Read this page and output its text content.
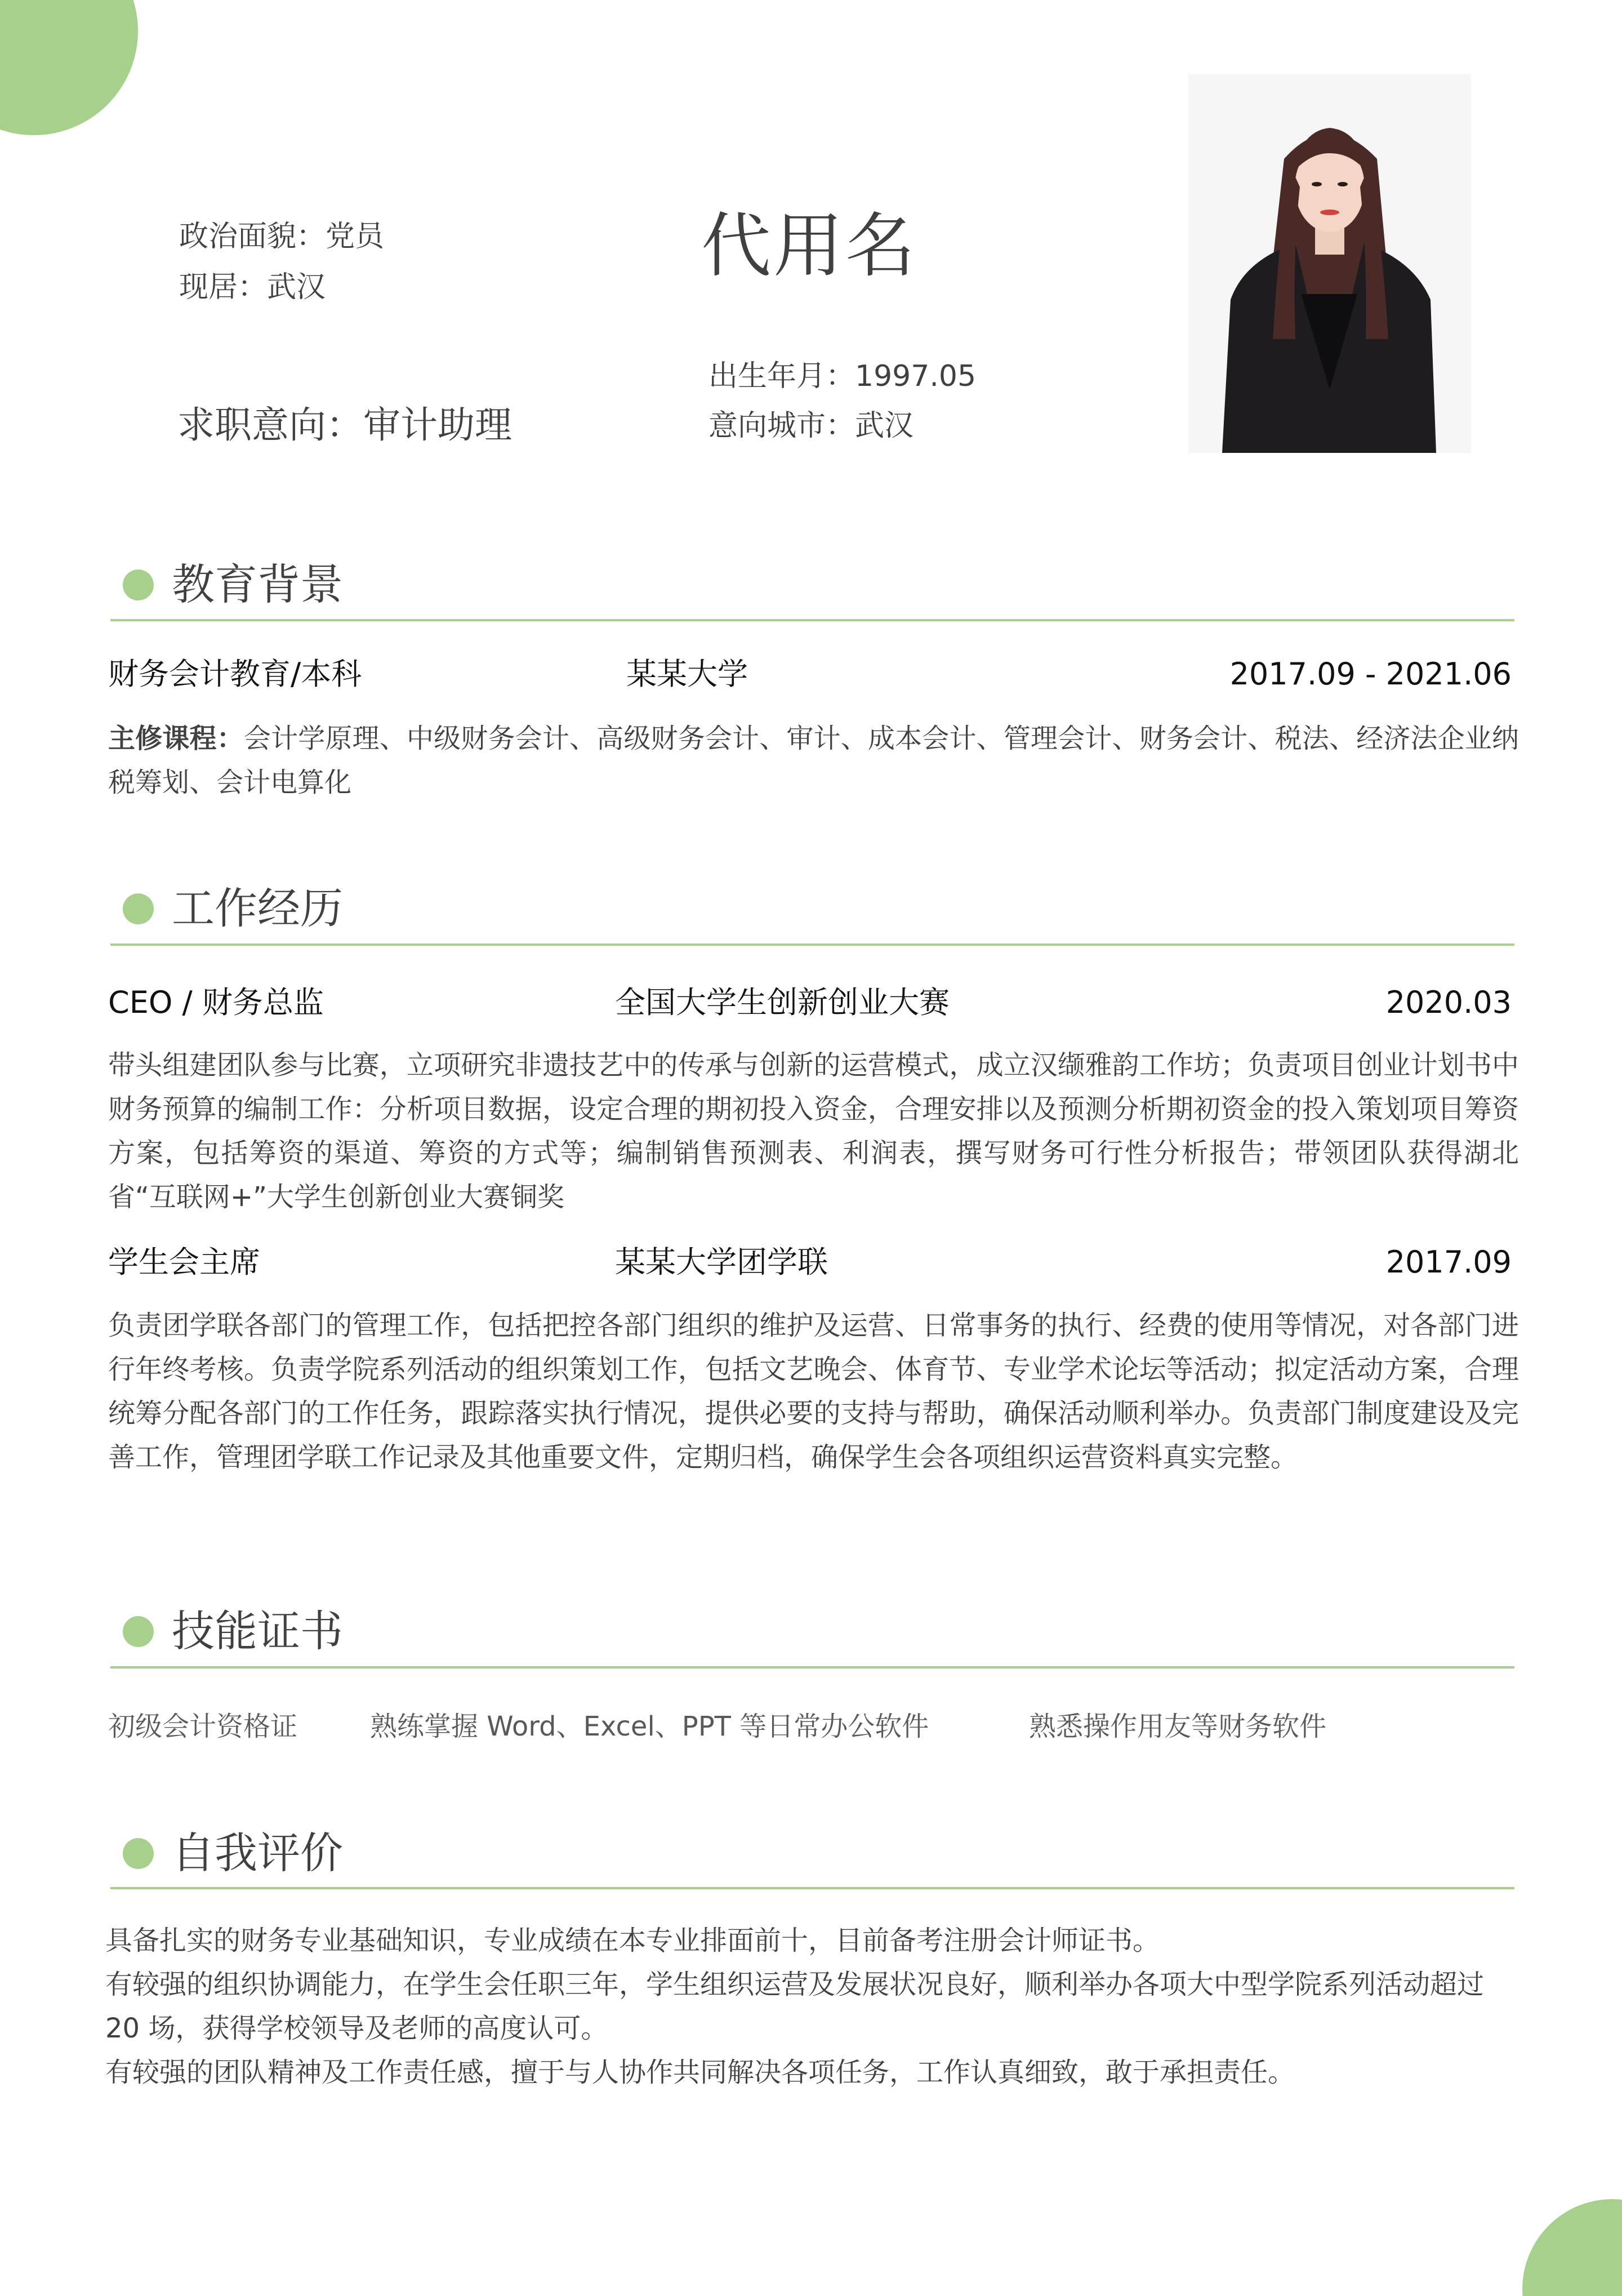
政治面貌：党员
现居：武汉
求职意向：审计助理
代用名
出生年月：1997.05
意向城市：武汉
教育背景
财务会计教育/本科	某某大学	2017.09 - 2021.06
主修课程：会计学原理、中级财务会计、高级财务会计、审计、成本会计、管理会计、财务会计、税法、经济法企业纳税筹划、会计电算化
工作经历
CEO / 财务总监	全国大学生创新创业大赛	2020.03
带头组建团队参与比赛，立项研究非遗技艺中的传承与创新的运营模式，成立汉缬雅韵工作坊；负责项目创业计划书中财务预算的编制工作：分析项目数据，设定合理的期初投入资金，合理安排以及预测分析期初资金的投入策划项目筹资方案，包括筹资的渠道、筹资的方式等；编制销售预测表、利润表，撰写财务可行性分析报告；带领团队获得湖北省“互联网+”大学生创新创业大赛铜奖
学生会主席	某某大学团学联	2017.09
负责团学联各部门的管理工作，包括把控各部门组织的维护及运营、日常事务的执行、经费的使用等情况，对各部门进行年终考核。负责学院系列活动的组织策划工作，包括文艺晚会、体育节、专业学术论坛等活动；拟定活动方案，合理统筹分配各部门的工作任务，跟踪落实执行情况，提供必要的支持与帮助，确保活动顺利举办。负责部门制度建设及完善工作，管理团学联工作记录及其他重要文件，定期归档，确保学生会各项组织运营资料真实完整。
技能证书
初级会计资格证	熟练掌握 Word、Excel、PPT 等日常办公软件	熟悉操作用友等财务软件
自我评价

具备扎实的财务专业基础知识，专业成绩在本专业排面前十，目前备考注册会计师证书。

有较强的组织协调能力，在学生会任职三年，学生组织运营及发展状况良好，顺利举办各项大中型学院系列活动超过 20 场，获得学校领导及老师的高度认可。

有较强的团队精神及工作责任感，擅于与人协作共同解决各项任务，工作认真细致，敢于承担责任。
